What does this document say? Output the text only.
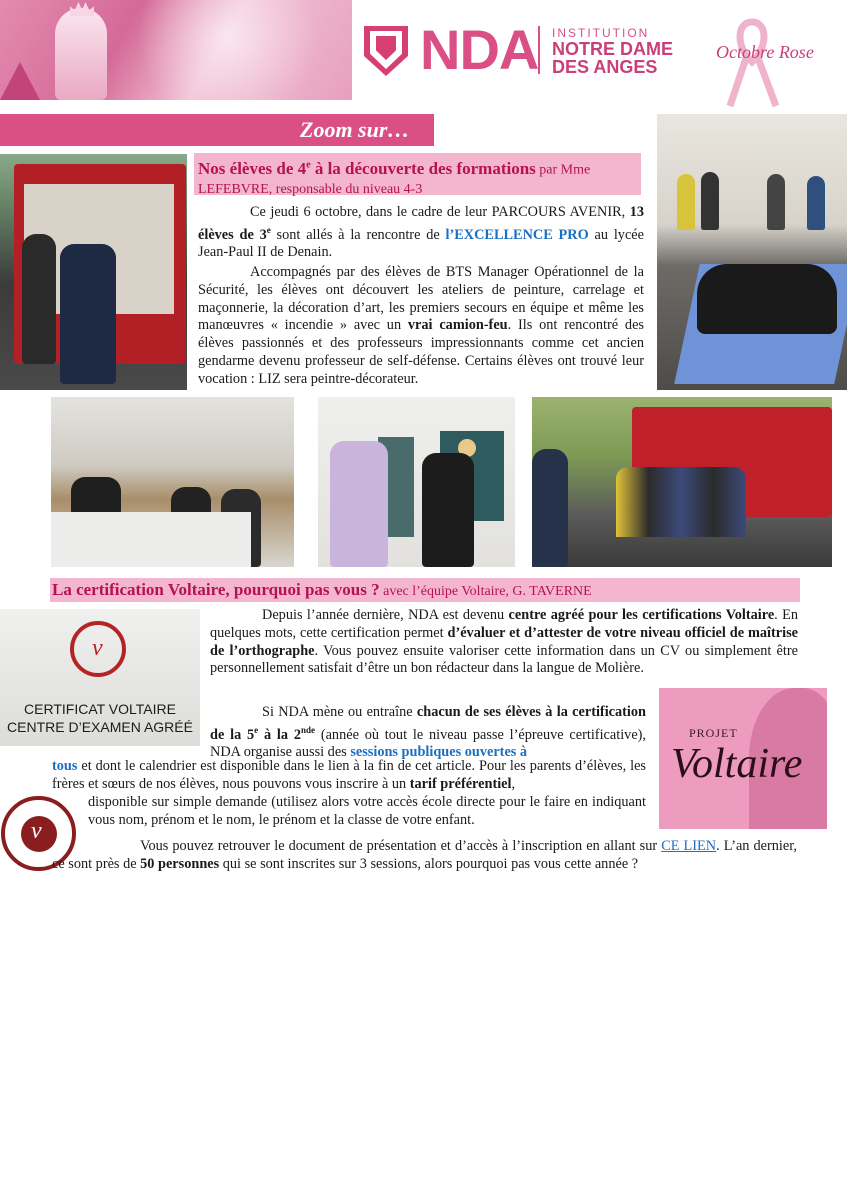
NDA INSTITUTION
NOTRE DAME
DES ANGES
Octobre Rose
Zoom sur…
Nos élèves de 4e à la découverte des formations par Mme LEFEBVRE, responsable du niveau 4-3

Ce jeudi 6 octobre, dans le cadre de leur PARCOURS AVENIR, 13 élèves de 3e sont allés à la rencontre de l’EXCELLENCE PRO au lycée Jean-Paul II de Denain.

Accompagnés par des élèves de BTS Manager Opérationnel de la Sécurité, les élèves ont découvert les ateliers de peinture, carrelage et maçonnerie, la décoration d’art, les premiers secours en équipe et même les manœuvres « incendie » avec un vrai camion-feu. Ils ont rencontré des élèves passionnés et des professeurs impressionnants comme cet ancien gendarme devenu professeur de self-défense. Certains élèves ont trouvé leur vocation : LIZ sera peintre-décorateur.

La certification Voltaire, pourquoi pas vous ? avec l’équipe Voltaire, G. TAVERNE
v
CERTIFICAT VOLTAIRE
CENTRE D’EXAMEN AGRÉÉ	PROJET
Voltaire
v

Depuis l’année dernière, NDA est devenu centre agréé pour les certifications Voltaire. En quelques mots, cette certification permet d’évaluer et d’attester de votre niveau officiel de maîtrise de l’orthographe. Vous pouvez ensuite valoriser cette information dans un CV ou simplement être personnellement satisfait d’être un bon rédacteur dans la langue de Molière.

Si NDA mène ou entraîne chacun de ses élèves à la certification de la 5e à la 2nde (année où tout le niveau passe l’épreuve certificative), NDA organise aussi des sessions publiques ouvertes à

tous et dont le calendrier est disponible dans le lien à la fin de cet article. Pour les parents d’élèves, les frères et sœurs de nos élèves, nous pouvons vous inscrire à un tarif préférentiel,

disponible sur simple demande (utilisez alors votre accès école directe pour le faire en indiquant vous nom, prénom et le nom, le prénom et la classe de votre enfant.

Vous pouvez retrouver le document de présentation et d’accès à l’inscription en allant sur CE LIEN. L’an dernier, ce sont près de 50 personnes qui se sont inscrites sur 3 sessions, alors pourquoi pas vous cette année ?
